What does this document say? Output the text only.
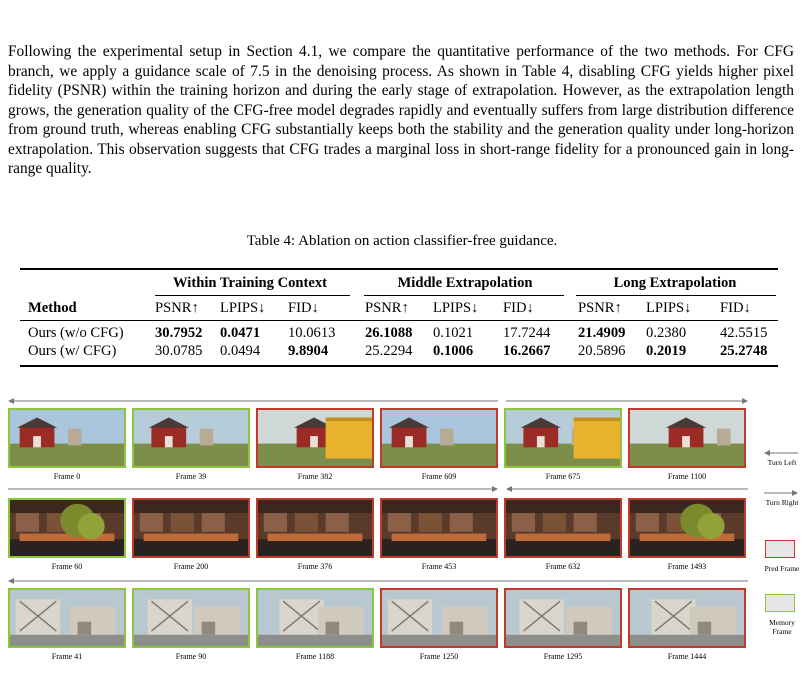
Following the experimental setup in Section 4.1, we compare the quantitative performance of the two methods. For CFG branch, we apply a guidance scale of 7.5 in the denoising process. As shown in Table 4, disabling CFG yields higher pixel fidelity (PSNR) within the training horizon and during the early stage of extrapolation. However, as the extrapolation length grows, the generation quality of the CFG-free model degrades rapidly and eventually suffers from large distribution difference from ground truth, whereas enabling CFG substantially keeps both the stability and the generation quality under long-horizon extrapolation. This observation suggests that CFG trades a marginal loss in short-range fidelity for a pronounced gain in long-range quality.

Table 4: Ablation on action classifier-free guidance.
Within Training Context	Middle Extrapolation	Long Extrapolation
Method	PSNR↑ LPIPS↓ FID↓	PSNR↑ LPIPS↓ FID↓	PSNR↑ LPIPS↓ FID↓
Ours (w/o CFG) 30.7952 0.0471 10.0613 26.1088 0.1021 17.7244 21.4909 0.2380 42.5515
Ours (w/ CFG)	30.0785 0.0494 9.8904	25.2294 0.1006 16.2667 20.5896 0.2019 25.2748
Frame 0	Frame 39	Frame 382	Frame 609	Frame 675	Frame 1100
Frame 60	Frame 200	Frame 376	Frame 453	Frame 632	Frame 1493
Frame 41	Frame 90	Frame 1188	Frame 1250	Frame 1295	Frame 1444
Turn Left
Turn Right
Pred Frame
Memory Frame
